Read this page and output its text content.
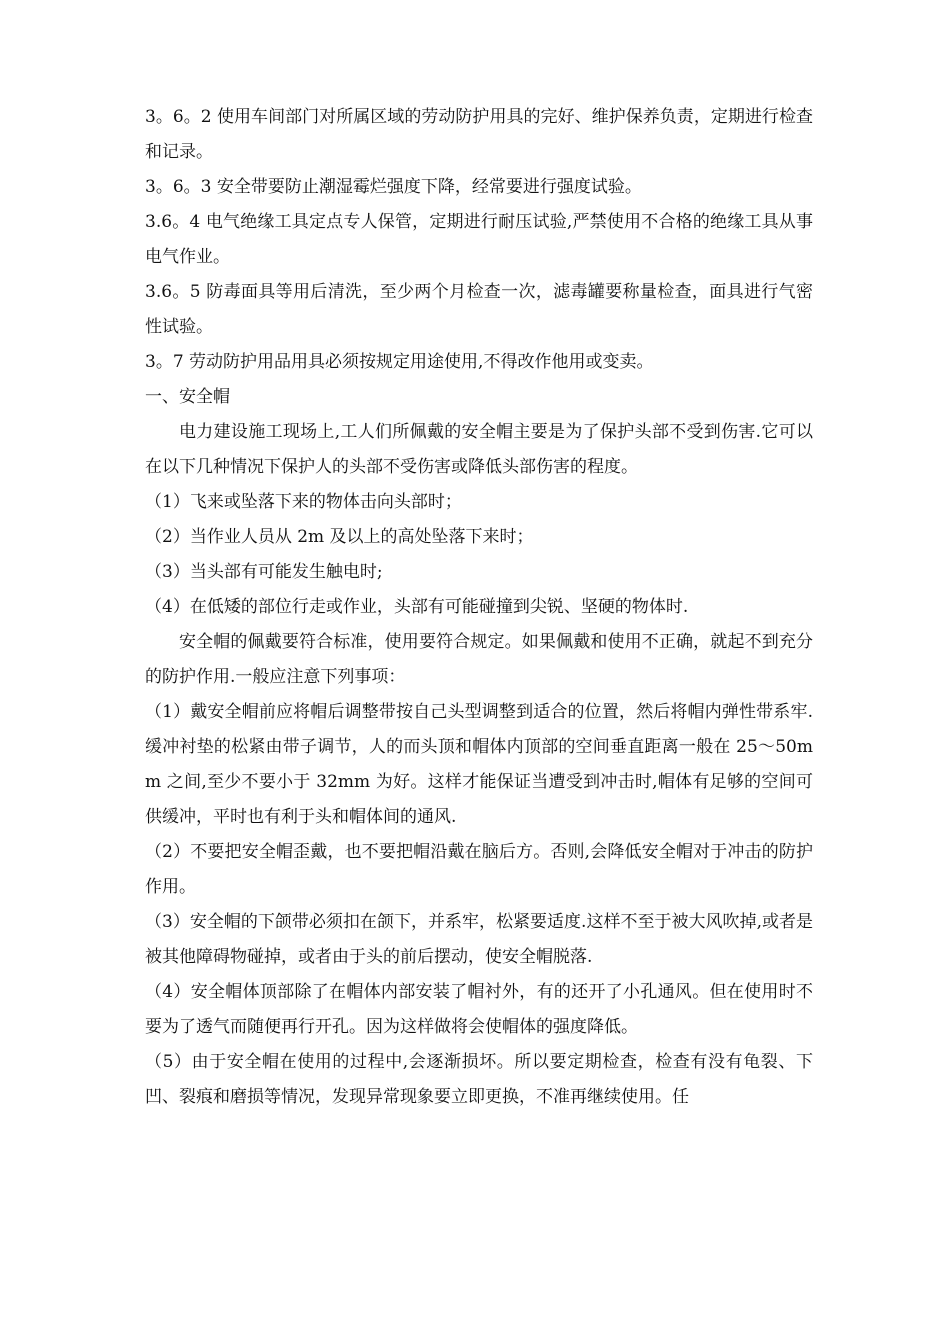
3。6。2 使用车间部门对所属区域的劳动防护用具的完好、维护保养负责，定期进行检查和记录。

3。6。3 安全带要防止潮湿霉烂强度下降，经常要进行强度试验。

3.6。4 电气绝缘工具定点专人保管，定期进行耐压试验,严禁使用不合格的绝缘工具从事电气作业。

3.6。5 防毒面具等用后清洗，至少两个月检查一次，滤毒罐要称量检查，面具进行气密性试验。

3。7 劳动防护用品用具必须按规定用途使用,不得改作他用或变卖。

一、安全帽

电力建设施工现场上,工人们所佩戴的安全帽主要是为了保护头部不受到伤害.它可以在以下几种情况下保护人的头部不受伤害或降低头部伤害的程度。

（1）飞来或坠落下来的物体击向头部时；

（2）当作业人员从 2m 及以上的高处坠落下来时；

（3）当头部有可能发生触电时;

（4）在低矮的部位行走或作业，头部有可能碰撞到尖锐、坚硬的物体时.

安全帽的佩戴要符合标准，使用要符合规定。如果佩戴和使用不正确，就起不到充分的防护作用.一般应注意下列事项：

（1）戴安全帽前应将帽后调整带按自己头型调整到适合的位置，然后将帽内弹性带系牢.缓冲衬垫的松紧由带子调节，人的而头顶和帽体内顶部的空间垂直距离一般在 25～50mm 之间,至少不要小于 32mm 为好。这样才能保证当遭受到冲击时,帽体有足够的空间可供缓冲，平时也有利于头和帽体间的通风.

（2）不要把安全帽歪戴，也不要把帽沿戴在脑后方。否则,会降低安全帽对于冲击的防护作用。

（3）安全帽的下颌带必须扣在颌下，并系牢，松紧要适度.这样不至于被大风吹掉,或者是被其他障碍物碰掉，或者由于头的前后摆动，使安全帽脱落.

（4）安全帽体顶部除了在帽体内部安装了帽衬外，有的还开了小孔通风。但在使用时不要为了透气而随便再行开孔。因为这样做将会使帽体的强度降低。

（5）由于安全帽在使用的过程中,会逐渐损坏。所以要定期检查，检查有没有龟裂、下凹、裂痕和磨损等情况，发现异常现象要立即更换，不准再继续使用。任
